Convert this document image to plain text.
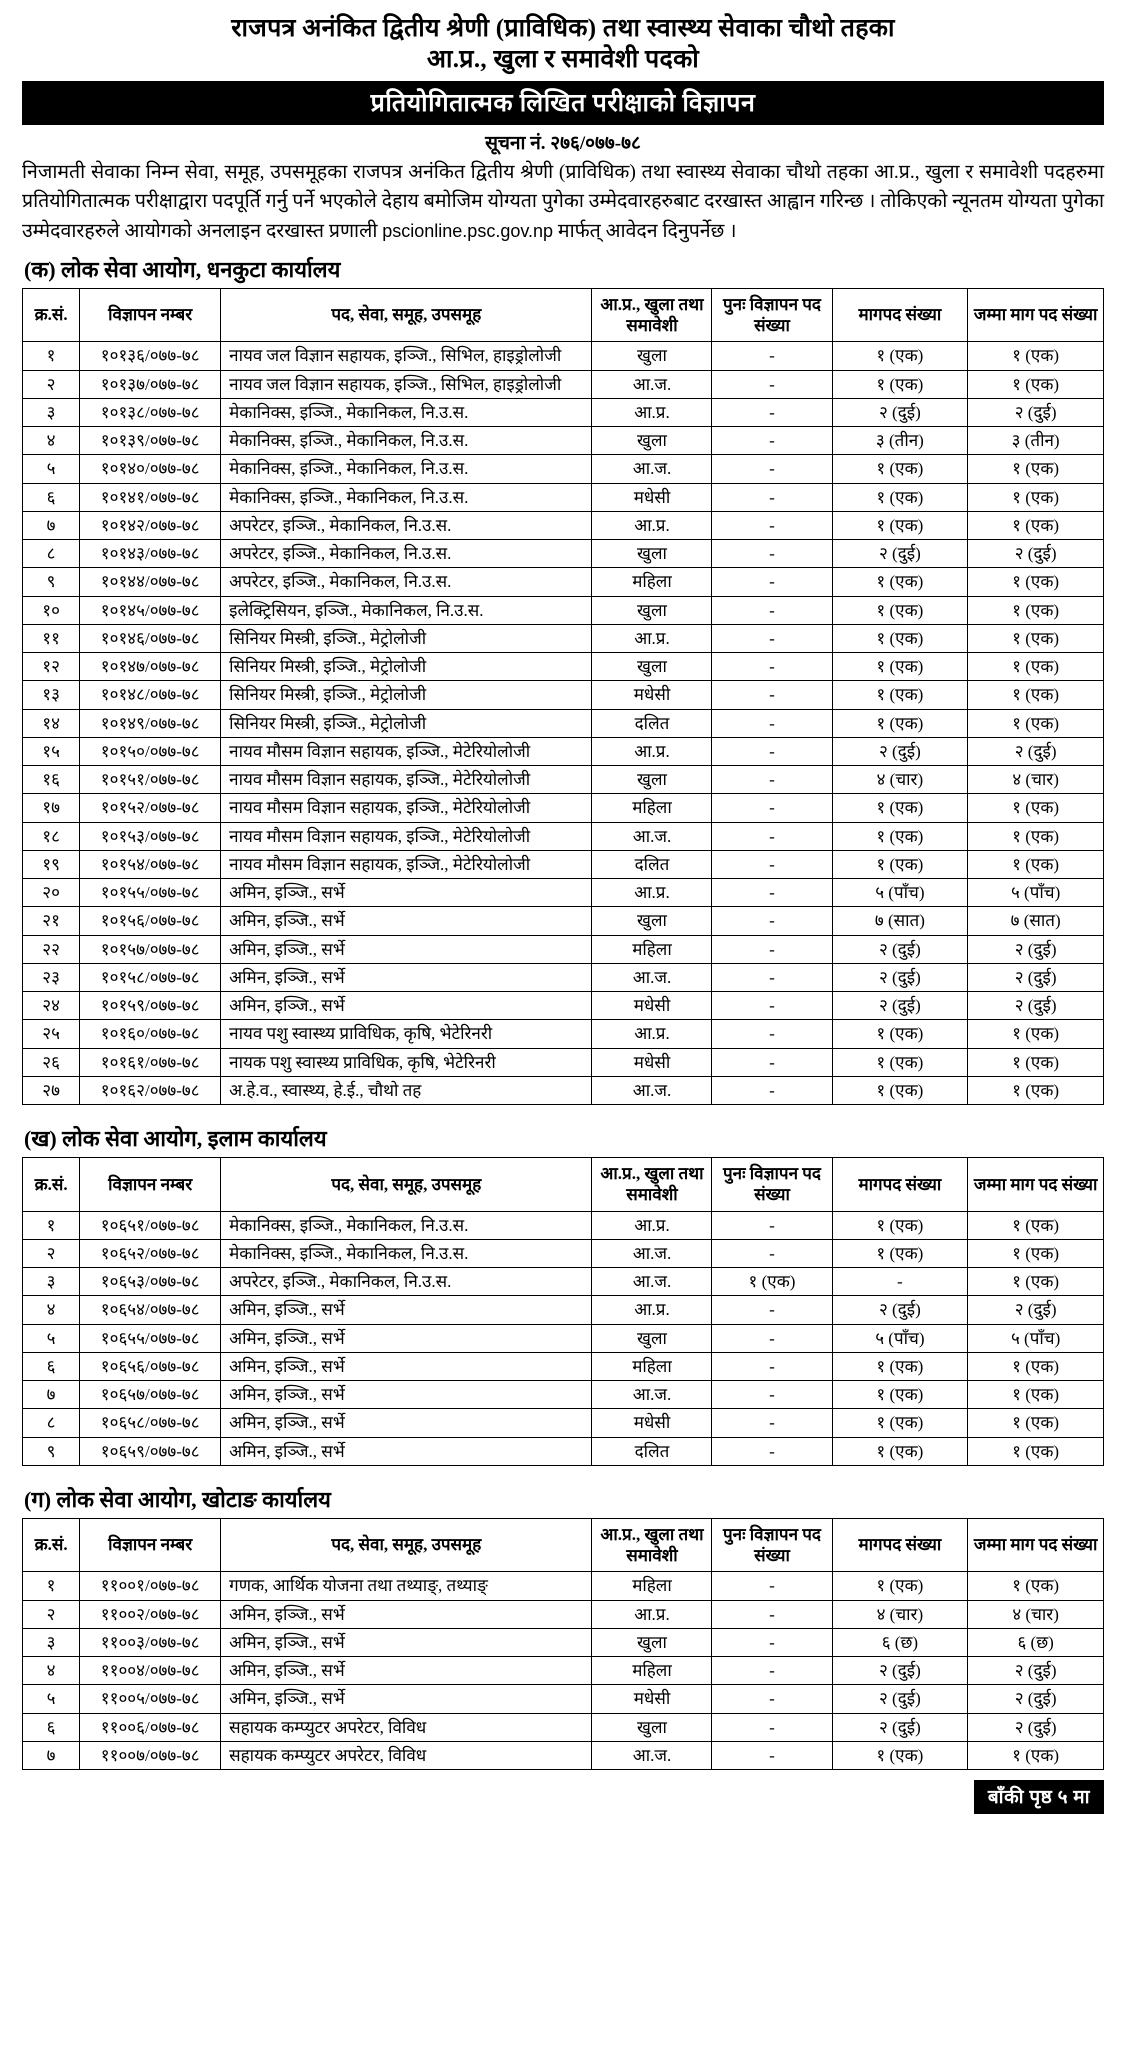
राजपत्र अनंकित द्वितीय श्रेणी (प्राविधिक) तथा स्वास्थ्य सेवाका चौथो तहका
आ.प्र., खुला र समावेशी पदको
प्रतियोगितात्मक लिखित परीक्षाको विज्ञापन
सूचना नं. २७६/०७७-७८

निजामती सेवाका निम्न सेवा, समूह, उपसमूहका राजपत्र अनंकित द्वितीय श्रेणी (प्राविधिक) तथा स्वास्थ्य सेवाका चौथो तहका आ.प्र., खुला र समावेशी पदहरुमा प्रतियोगितात्मक परीक्षाद्वारा पदपूर्ति गर्नु पर्ने भएकोले देहाय बमोजिम योग्यता पुगेका उम्मेदवारहरुबाट दरखास्त आह्वान गरिन्छ । तोकिएको न्यूनतम योग्यता पुगेका उम्मेदवारहरुले आयोगको अनलाइन दरखास्त प्रणाली pscionline.psc.gov.np मार्फत् आवेदन दिनुपर्नेछ ।

(क) लोक सेवा आयोग, धनकुटा कार्यालय
क्र.सं.	विज्ञापन नम्बर	पद, सेवा, समूह, उपसमूह	आ.प्र., खुला तथा समावेशी	पुनः विज्ञापन पद संख्या	मागपद संख्या	जम्मा माग पद संख्या
१	१०१३६/०७७-७८	नायव जल विज्ञान सहायक, इञ्जि., सिभिल, हाइड्रोलोजी	खुला	-	१ (एक)	१ (एक)
२	१०१३७/०७७-७८	नायव जल विज्ञान सहायक, इञ्जि., सिभिल, हाइड्रोलोजी	आ.ज.	-	१ (एक)	१ (एक)
३	१०१३८/०७७-७८	मेकानिक्स, इञ्जि., मेकानिकल, नि.उ.स.	आ.प्र.	-	२ (दुई)	२ (दुई)
४	१०१३९/०७७-७८	मेकानिक्स, इञ्जि., मेकानिकल, नि.उ.स.	खुला	-	३ (तीन)	३ (तीन)
५	१०१४०/०७७-७८	मेकानिक्स, इञ्जि., मेकानिकल, नि.उ.स.	आ.ज.	-	१ (एक)	१ (एक)
६	१०१४१/०७७-७८	मेकानिक्स, इञ्जि., मेकानिकल, नि.उ.स.	मधेसी	-	१ (एक)	१ (एक)
७	१०१४२/०७७-७८	अपरेटर, इञ्जि., मेकानिकल, नि.उ.स.	आ.प्र.	-	१ (एक)	१ (एक)
८	१०१४३/०७७-७८	अपरेटर, इञ्जि., मेकानिकल, नि.उ.स.	खुला	-	२ (दुई)	२ (दुई)
९	१०१४४/०७७-७८	अपरेटर, इञ्जि., मेकानिकल, नि.उ.स.	महिला	-	१ (एक)	१ (एक)
१०	१०१४५/०७७-७८	इलेक्ट्रिसियन, इञ्जि., मेकानिकल, नि.उ.स.	खुला	-	१ (एक)	१ (एक)
११	१०१४६/०७७-७८	सिनियर मिस्त्री, इञ्जि., मेट्रोलोजी	आ.प्र.	-	१ (एक)	१ (एक)
१२	१०१४७/०७७-७८	सिनियर मिस्त्री, इञ्जि., मेट्रोलोजी	खुला	-	१ (एक)	१ (एक)
१३	१०१४८/०७७-७८	सिनियर मिस्त्री, इञ्जि., मेट्रोलोजी	मधेसी	-	१ (एक)	१ (एक)
१४	१०१४९/०७७-७८	सिनियर मिस्त्री, इञ्जि., मेट्रोलोजी	दलित	-	१ (एक)	१ (एक)
१५	१०१५०/०७७-७८	नायव मौसम विज्ञान सहायक, इञ्जि., मेटेरियोलोजी	आ.प्र.	-	२ (दुई)	२ (दुई)
१६	१०१५१/०७७-७८	नायव मौसम विज्ञान सहायक, इञ्जि., मेटेरियोलोजी	खुला	-	४ (चार)	४ (चार)
१७	१०१५२/०७७-७८	नायव मौसम विज्ञान सहायक, इञ्जि., मेटेरियोलोजी	महिला	-	१ (एक)	१ (एक)
१८	१०१५३/०७७-७८	नायव मौसम विज्ञान सहायक, इञ्जि., मेटेरियोलोजी	आ.ज.	-	१ (एक)	१ (एक)
१९	१०१५४/०७७-७८	नायव मौसम विज्ञान सहायक, इञ्जि., मेटेरियोलोजी	दलित	-	१ (एक)	१ (एक)
२०	१०१५५/०७७-७८	अमिन, इञ्जि., सर्भे	आ.प्र.	-	५ (पाँच)	५ (पाँच)
२१	१०१५६/०७७-७८	अमिन, इञ्जि., सर्भे	खुला	-	७ (सात)	७ (सात)
२२	१०१५७/०७७-७८	अमिन, इञ्जि., सर्भे	महिला	-	२ (दुई)	२ (दुई)
२३	१०१५८/०७७-७८	अमिन, इञ्जि., सर्भे	आ.ज.	-	२ (दुई)	२ (दुई)
२४	१०१५९/०७७-७८	अमिन, इञ्जि., सर्भे	मधेसी	-	२ (दुई)	२ (दुई)
२५	१०१६०/०७७-७८	नायव पशु स्वास्थ्य प्राविधिक, कृषि, भेटेरिनरी	आ.प्र.	-	१ (एक)	१ (एक)
२६	१०१६१/०७७-७८	नायक पशु स्वास्थ्य प्राविधिक, कृषि, भेटेरिनरी	मधेसी	-	१ (एक)	१ (एक)
२७	१०१६२/०७७-७८	अ.हे.व., स्वास्थ्य, हे.ई., चौथो तह	आ.ज.	-	१ (एक)	१ (एक)
(ख) लोक सेवा आयोग, इलाम कार्यालय
क्र.सं.	विज्ञापन नम्बर	पद, सेवा, समूह, उपसमूह	आ.प्र., खुला तथा समावेशी	पुनः विज्ञापन पद संख्या	मागपद संख्या	जम्मा माग पद संख्या
१	१०६५१/०७७-७८	मेकानिक्स, इञ्जि., मेकानिकल, नि.उ.स.	आ.प्र.	-	१ (एक)	१ (एक)
२	१०६५२/०७७-७८	मेकानिक्स, इञ्जि., मेकानिकल, नि.उ.स.	आ.ज.	-	१ (एक)	१ (एक)
३	१०६५३/०७७-७८	अपरेटर, इञ्जि., मेकानिकल, नि.उ.स.	आ.ज.	१ (एक)	-	१ (एक)
४	१०६५४/०७७-७८	अमिन, इञ्जि., सर्भे	आ.प्र.	-	२ (दुई)	२ (दुई)
५	१०६५५/०७७-७८	अमिन, इञ्जि., सर्भे	खुला	-	५ (पाँच)	५ (पाँच)
६	१०६५६/०७७-७८	अमिन, इञ्जि., सर्भे	महिला	-	१ (एक)	१ (एक)
७	१०६५७/०७७-७८	अमिन, इञ्जि., सर्भे	आ.ज.	-	१ (एक)	१ (एक)
८	१०६५८/०७७-७८	अमिन, इञ्जि., सर्भे	मधेसी	-	१ (एक)	१ (एक)
९	१०६५९/०७७-७८	अमिन, इञ्जि., सर्भे	दलित	-	१ (एक)	१ (एक)
(ग) लोक सेवा आयोग, खोटाङ कार्यालय
क्र.सं.	विज्ञापन नम्बर	पद, सेवा, समूह, उपसमूह	आ.प्र., खुला तथा समावेशी	पुनः विज्ञापन पद संख्या	मागपद संख्या	जम्मा माग पद संख्या
१	११००१/०७७-७८	गणक, आर्थिक योजना तथा तथ्याङ्, तथ्याङ्	महिला	-	१ (एक)	१ (एक)
२	११००२/०७७-७८	अमिन, इञ्जि., सर्भे	आ.प्र.	-	४ (चार)	४ (चार)
३	११००३/०७७-७८	अमिन, इञ्जि., सर्भे	खुला	-	६ (छ)	६ (छ)
४	११००४/०७७-७८	अमिन, इञ्जि., सर्भे	महिला	-	२ (दुई)	२ (दुई)
५	११००५/०७७-७८	अमिन, इञ्जि., सर्भे	मधेसी	-	२ (दुई)	२ (दुई)
६	११००६/०७७-७८	सहायक कम्प्युटर अपरेटर, विविध	खुला	-	२ (दुई)	२ (दुई)
७	११००७/०७७-७८	सहायक कम्प्युटर अपरेटर, विविध	आ.ज.	-	१ (एक)	१ (एक)
बाँकी पृष्ठ ५ मा
